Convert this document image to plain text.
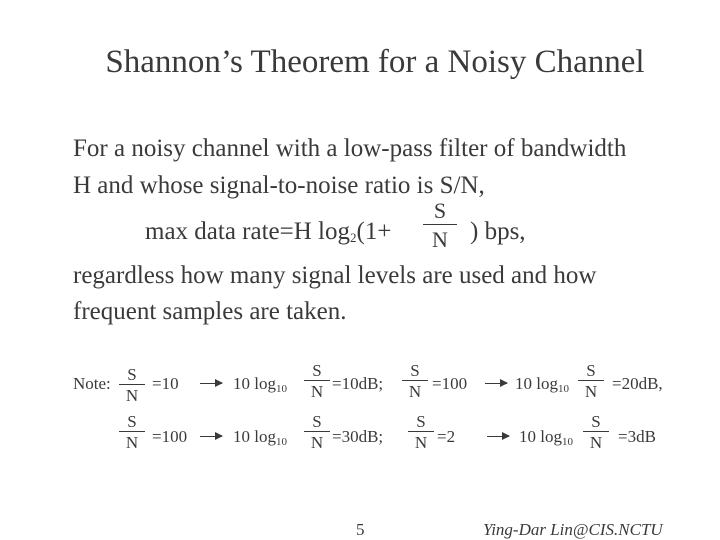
Shannon’s Theorem for a Noisy Channel
For a noisy channel with a low-pass filter of bandwidth
H and whose signal-to-noise ratio is S/N,
max data rate=H $\log_2(1+$
S
N ) bps,
regardless how many signal levels are used and how
frequent samples are taken.
Note: S
N
=10	10 $\log_{10}$
S
N =10dB;
S
N =100	10 $\log_{10}$
S
N =20dB,
S
N =100	10 $\log_{10}$
S
N =30dB;
S
N =2	10 $\log_{10}$
S
N =3dB
5	Ying-Dar Lin@CIS.NCTU
